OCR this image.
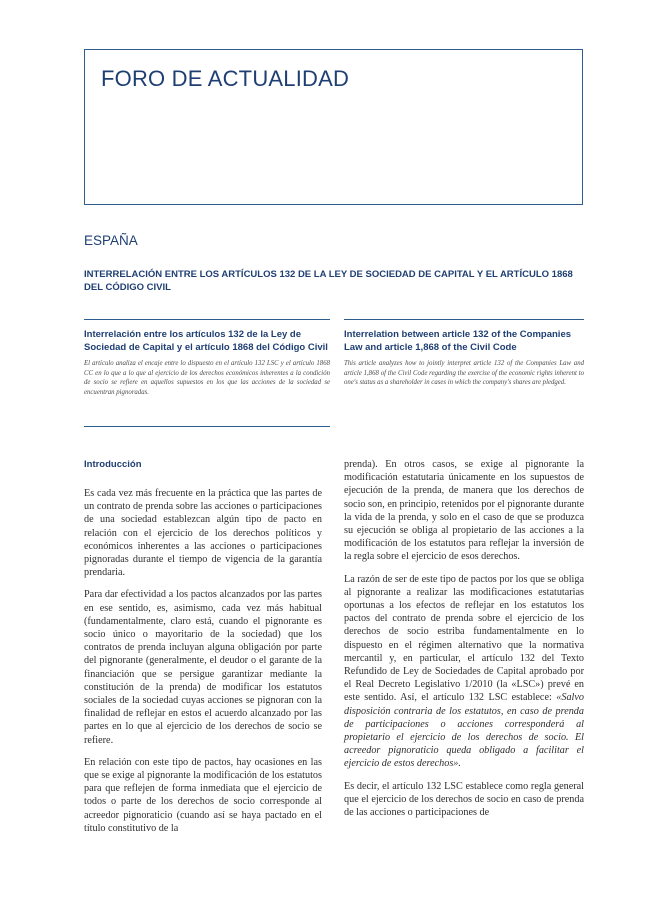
FORO DE ACTUALIDAD
ESPAÑA
INTERRELACIÓN ENTRE LOS ARTÍCULOS 132 DE LA LEY DE SOCIEDAD DE CAPITAL Y EL ARTÍCULO 1868 DEL CÓDIGO CIVIL
Interrelación entre los artículos 132 de la Ley de Sociedad de Capital y el artículo 1868 del Código Civil

El artículo analiza el encaje entre lo dispuesto en el artículo 132 LSC y el artículo 1868 CC en lo que a lo que al ejercicio de los derechos económicos inherentes a la condición de socio se refiere en aquellos supuestos en los que las acciones de la sociedad se encuentran pignoradas.

Interrelation between article 132 of the Companies Law and article 1,868 of the Civil Code

This article analyzes how to jointly interpret article 132 of the Companies Law and article 1,868 of the Civil Code regarding the exercise of the economic rights inherent to one's status as a shareholder in cases in which the company's shares are pledged.

Introducción

Es cada vez más frecuente en la práctica que las partes de un contrato de prenda sobre las acciones o participaciones de una sociedad establezcan algún tipo de pacto en relación con el ejercicio de los derechos políticos y económicos inherentes a las acciones o participaciones pignoradas durante el tiempo de vigencia de la garantía prendaria.

Para dar efectividad a los pactos alcanzados por las partes en ese sentido, es, asimismo, cada vez más habitual (fundamentalmente, claro está, cuando el pignorante es socio único o mayoritario de la sociedad) que los contratos de prenda incluyan alguna obligación por parte del pignorante (generalmente, el deudor o el garante de la financiación que se persigue garantizar mediante la constitución de la prenda) de modificar los estatutos sociales de la sociedad cuyas acciones se pignoran con la finalidad de reflejar en estos el acuerdo alcanzado por las partes en lo que al ejercicio de los derechos de socio se refiere.

En relación con este tipo de pactos, hay ocasiones en las que se exige al pignorante la modificación de los estatutos para que reflejen de forma inmediata que el ejercicio de todos o parte de los derechos de socio corresponde al acreedor pignoraticio (cuando así se haya pactado en el título constitutivo de la

prenda). En otros casos, se exige al pignorante la modificación estatutaria únicamente en los supuestos de ejecución de la prenda, de manera que los derechos de socio son, en principio, retenidos por el pignorante durante la vida de la prenda, y solo en el caso de que se produzca su ejecución se obliga al propietario de las acciones a la modificación de los estatutos para reflejar la inversión de la regla sobre el ejercicio de esos derechos.

La razón de ser de este tipo de pactos por los que se obliga al pignorante a realizar las modificaciones estatutarias oportunas a los efectos de reflejar en los estatutos los pactos del contrato de prenda sobre el ejercicio de los derechos de socio estriba fundamentalmente en lo dispuesto en el régimen alternativo que la normativa mercantil y, en particular, el artículo 132 del Texto Refundido de Ley de Sociedades de Capital aprobado por el Real Decreto Legislativo 1/2010 (la «LSC») prevé en este sentido. Así, el artículo 132 LSC establece: «Salvo disposición contraria de los estatutos, en caso de prenda de participaciones o acciones corresponderá al propietario el ejercicio de los derechos de socio. El acreedor pignoraticio queda obligado a facilitar el ejercicio de estos derechos».

Es decir, el artículo 132 LSC establece como regla general que el ejercicio de los derechos de socio en caso de prenda de las acciones o participaciones de
